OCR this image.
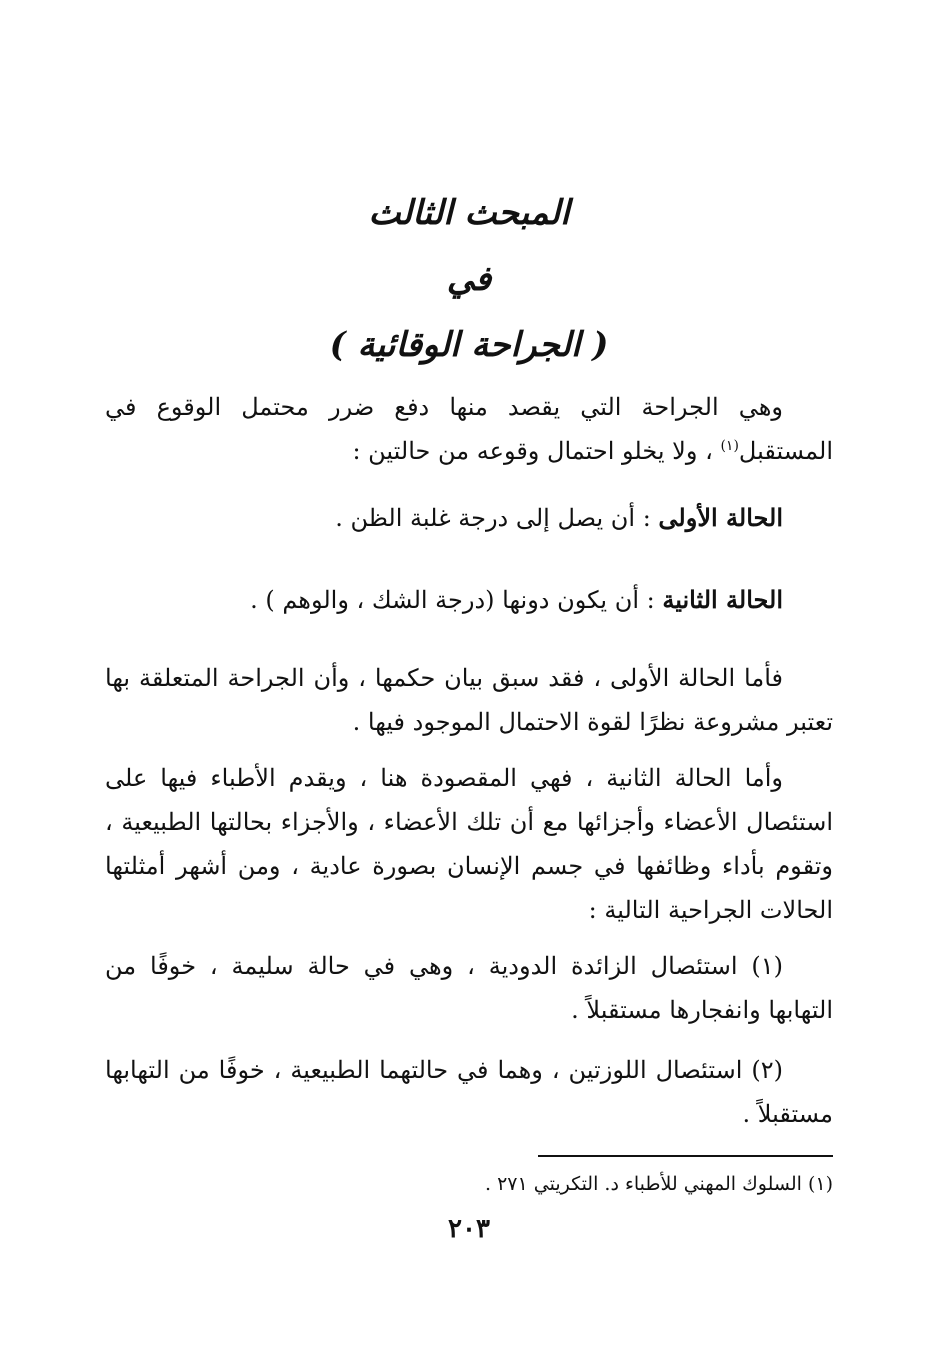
المبحث الثالث

في

( الجراحة الوقائية )

وهي الجراحة التي يقصد منها دفع ضرر محتمل الوقوع في المستقبل$^{(١)}$ ، ولا يخلو احتمال وقوعه من حالتين :

الحالة الأولى : أن يصل إلى درجة غلبة الظن .

الحالة الثانية : أن يكون دونها (درجة الشك ، والوهم ) .

فأما الحالة الأولى ، فقد سبق بيان حكمها ، وأن الجراحة المتعلقة بها تعتبر مشروعة نظرًا لقوة الاحتمال الموجود فيها .

وأما الحالة الثانية ، فهي المقصودة هنا ، ويقدم الأطباء فيها على استئصال الأعضاء وأجزائها مع أن تلك الأعضاء ، والأجزاء بحالتها الطبيعية ، وتقوم بأداء وظائفها في جسم الإنسان بصورة عادية ، ومن أشهر أمثلتها الحالات الجراحية التالية :

(١) استئصال الزائدة الدودية ، وهي في حالة سليمة ، خوفًا من التهابها وانفجارها مستقبلاً .

(٢) استئصال اللوزتين ، وهما في حالتهما الطبيعية ، خوفًا من التهابها مستقبلاً .

(١) السلوك المهني للأطباء د. التكريتي ٢٧١ .
٢٠٣
